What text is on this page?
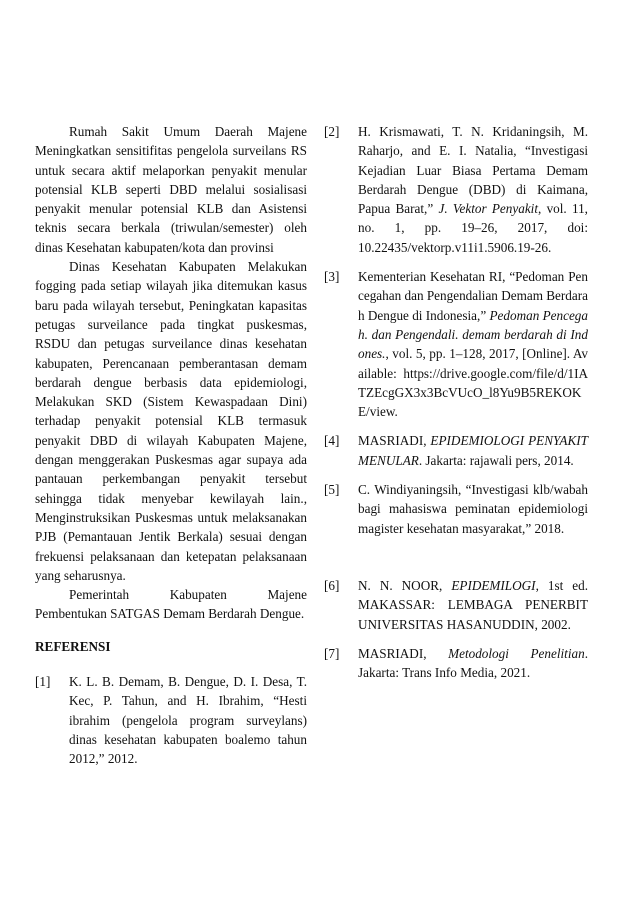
Rumah Sakit Umum Daerah Majene Meningkatkan sensitifitas pengelola surveilans RS untuk secara aktif melaporkan penyakit menular potensial KLB seperti DBD melalui sosialisasi penyakit menular potensial KLB dan Asistensi teknis secara berkala (triwulan/semester) oleh dinas Kesehatan kabupaten/kota dan provinsi

Dinas Kesehatan Kabupaten Melakukan fogging pada setiap wilayah jika ditemukan kasus baru pada wilayah tersebut, Peningkatan kapasitas petugas surveilance pada tingkat puskesmas, RSDU dan petugas surveilance dinas kesehatan kabupaten, Perencanaan pemberantasan demam berdarah dengue berbasis data epidemiologi, Melakukan SKD (Sistem Kewaspadaan Dini) terhadap penyakit potensial KLB termasuk penyakit DBD di wilayah Kabupaten Majene, dengan menggerakan Puskesmas agar supaya ada pantauan perkembangan penyakit tersebut sehingga tidak menyebar kewilayah lain., Menginstruksikan Puskesmas untuk melaksanakan PJB (Pemantauan Jentik Berkala) sesuai dengan frekuensi pelaksanaan dan ketepatan pelaksanaan yang seharusnya.

Pemerintah Kabupaten Majene Pembentukan SATGAS Demam Berdarah Dengue.

REFERENSI
[1]	K. L. B. Demam, B. Dengue, D. I. Desa, T. Kec, P. Tahun, and H. Ibrahim, “Hesti ibrahim (pengelola program surveylans) dinas kesehatan kabupaten boalemo tahun 2012,” 2012.
[2]	H. Krismawati, T. N. Kridaningsih, M. Raharjo, and E. I. Natalia, “Investigasi Kejadian Luar Biasa Pertama Demam Berdarah Dengue (DBD) di Kaimana, Papua Barat,” J. Vektor Penyakit, vol. 11, no. 1, pp. 19–26, 2017, doi: 10.22435/vektorp.v11i1.5906.19-26.
[3]	Kementerian Kesehatan RI, “Pedoman Pencegahan dan Pengendalian Demam Berdarah Dengue di Indonesia,” Pedoman Pencegah. dan Pengendali. demam berdarah di Indones., vol. 5, pp. 1–128, 2017, [Online]. Available: https://drive.google.com/file/d/1IATZEcgGX3x3BcVUcO_l8Yu9B5REKOKE/view.
[4]	MASRIADI, EPIDEMIOLOGI PENYAKIT MENULAR. Jakarta: rajawali pers, 2014.
[5]	C. Windiyaningsih, “Investigasi klb/wabah bagi mahasiswa peminatan epidemiologi magister kesehatan masyarakat,” 2018.
[6]	N. N. NOOR, EPIDEMILOGI, 1st ed. MAKASSAR: LEMBAGA PENERBIT UNIVERSITAS HASANUDDIN, 2002.
[7]	MASRIADI, Metodologi Penelitian. Jakarta: Trans Info Media, 2021.
